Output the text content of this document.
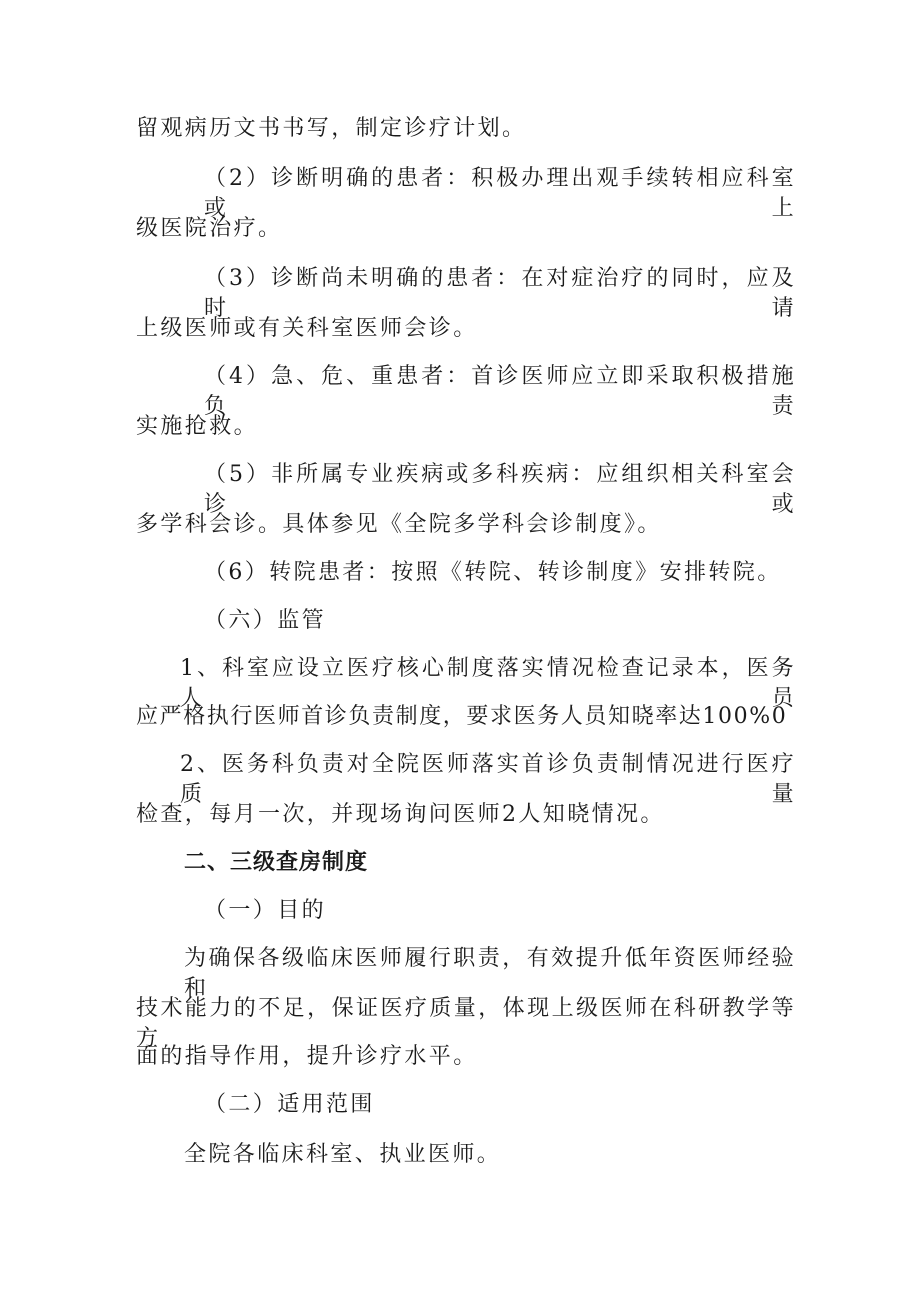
留观病历文书书写，制定诊疗计划。
（2）诊断明确的患者：积极办理出观手续转相应科室或上
级医院治疗。
（3）诊断尚未明确的患者：在对症治疗的同时，应及时请
上级医师或有关科室医师会诊。
（4）急、危、重患者：首诊医师应立即采取积极措施负责
实施抢救。
（5）非所属专业疾病或多科疾病：应组织相关科室会诊或
多学科会诊。具体参见《全院多学科会诊制度》。
（6）转院患者：按照《转院、转诊制度》安排转院。
（六）监管
1、科室应设立医疗核心制度落实情况检查记录本，医务人员
应严格执行医师首诊负责制度，要求医务人员知晓率达100%0
2、医务科负责对全院医师落实首诊负责制情况进行医疗质量
检查，每月一次，并现场询问医师2人知晓情况。
二、三级查房制度
（一）目的
为确保各级临床医师履行职责，有效提升低年资医师经验和
技术能力的不足，保证医疗质量，体现上级医师在科研教学等方
面的指导作用，提升诊疗水平。
（二）适用范围
全院各临床科室、执业医师。
